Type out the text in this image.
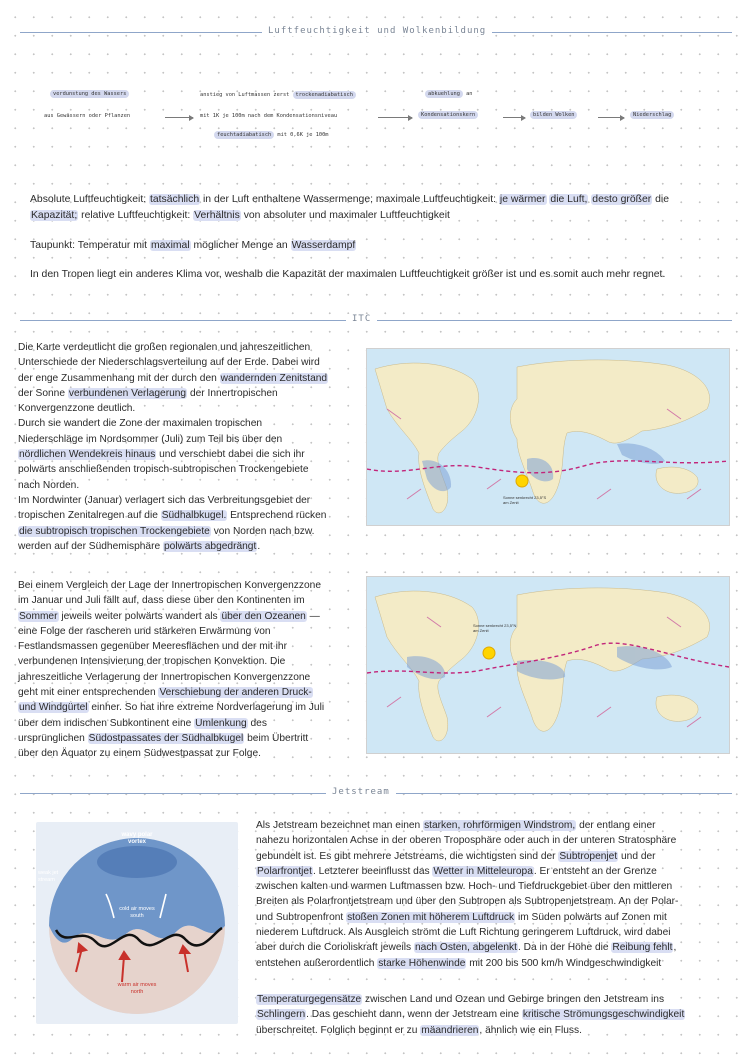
Luftfeuchtigkeit und Wolkenbildung
verdunstung des Wassers	anstieg von Luftmassen zerst trockenadiabatisch	abkuehlung an
aus Gewässern oder Pflanzen	mit 1K je 100m nach dem Kondensationsniveau	Kondensationskern	bilden Wolken	Niederschlag
feuchtadiabatisch mit 0,6K je 100m
Absolute Luftfeuchtigkeit: tatsächlich in der Luft enthaltene Wassermenge; maximale Luftfeuchtigkeit: je wärmer die Luft, desto größer die
Kapazität; relative Luftfeuchtigkeit: Verhältnis von absoluter und maximaler Luftfeuchtigkeit
Taupunkt: Temperatur mit maximal möglicher Menge an Wasserdampf
In den Tropen liegt ein anderes Klima vor, weshalb die Kapazität der maximalen Luftfeuchtigkeit größer ist und es somit auch mehr regnet.
ITC
Die Karte verdeutlicht die großen regionalen und jahreszeitlichen
Unterschiede der Niederschlagsverteilung auf der Erde. Dabei wird
der enge Zusammenhang mit der durch den wandernden Zenitstand
der Sonne verbundenen Verlagerung der Innertropischen
Konvergenzzone deutlich.
Durch sie wandert die Zone der maximalen tropischen
Niederschläge im Nordsommer (Juli) zum Teil bis über den
nördlichen Wendekreis hinaus und verschiebt dabei die sich ihr
polwärts anschließenden tropisch-subtropischen Trockengebiete
nach Norden.
Im Nordwinter (Januar) verlagert sich das Verbreitungsgebiet der
tropischen Zenitalregen auf die Südhalbkugel. Entsprechend rücken
die subtropisch tropischen Trockengebiete von Norden nach bzw.
werden auf der Südhemisphäre polwärts abgedrängt.
Bei einem Vergleich der Lage der Innertropischen Konvergenzzone
im Januar und Juli fällt auf, dass diese über den Kontinenten im
Sommer jeweils weiter polwärts wandert als über den Ozeanen —
eine Folge der rascheren und stärkeren Erwärmung von
Festlandsmassen gegenüber Meeresflächen und der mit ihr
verbundenen Intensivierung der tropischen Konvektion. Die
jahreszeitliche Verlagerung der Innertropischen Konvergenzzone
geht mit einer entsprechenden Verschiebung der anderen Druck-
und Windgürtel einher. So hat ihre extreme Nordverlagerung im Juli
über dem indischen Subkontinent eine Umlenkung des
ursprünglichen Südostpassates der Südhalbkugel beim Übertritt
über den Äquator zu einem Südwestpassat zur Folge.
Sonne senkrecht 23,5°S am Zenit
Sonne senkrecht 23,5°N am Zenit
Jetstream
wavy polar vortex
weak jet stream
cold air moves south
warm air moves north
Als Jetstream bezeichnet man einen starken, rohrförmigen Windstrom, der entlang einer
nahezu horizontalen Achse in der oberen Troposphäre oder auch in der unteren Stratosphäre
gebundelt ist. Es gibt mehrere Jetstreams, die wichtigsten sind der Subtropenjet und der
Polarfrontjet. Letzterer beeinflusst das Wetter in Mitteleuropa. Er entsteht an der Grenze
zwischen kalten und warmen Luftmassen bzw. Hoch- und Tiefdruckgebiet über den mittleren
Breiten als Polarfrontjetstream und über den Subtropen als Subtropenjetstream. An der Polar-
und Subtropenfront stoßen Zonen mit höherem Luftdruck im Süden polwärts auf Zonen mit
niederem Luftdruck. Als Ausgleich strömt die Luft Richtung geringerem Luftdruck, wird dabei
aber durch die Corioliskraft jeweils nach Osten, abgelenkt. Da in der Höhe die Reibung fehlt,
entstehen außerordentlich starke Höhenwinde mit 200 bis 500 km/h Windgeschwindigkeit
Temperaturgegensätze zwischen Land und Ozean und Gebirge bringen den Jetstream ins
Schlingern. Das geschieht dann, wenn der Jetstream eine kritische Strömungsgeschwindigkeit
überschreitet. Folglich beginnt er zu mäandrieren, ähnlich wie ein Fluss.
